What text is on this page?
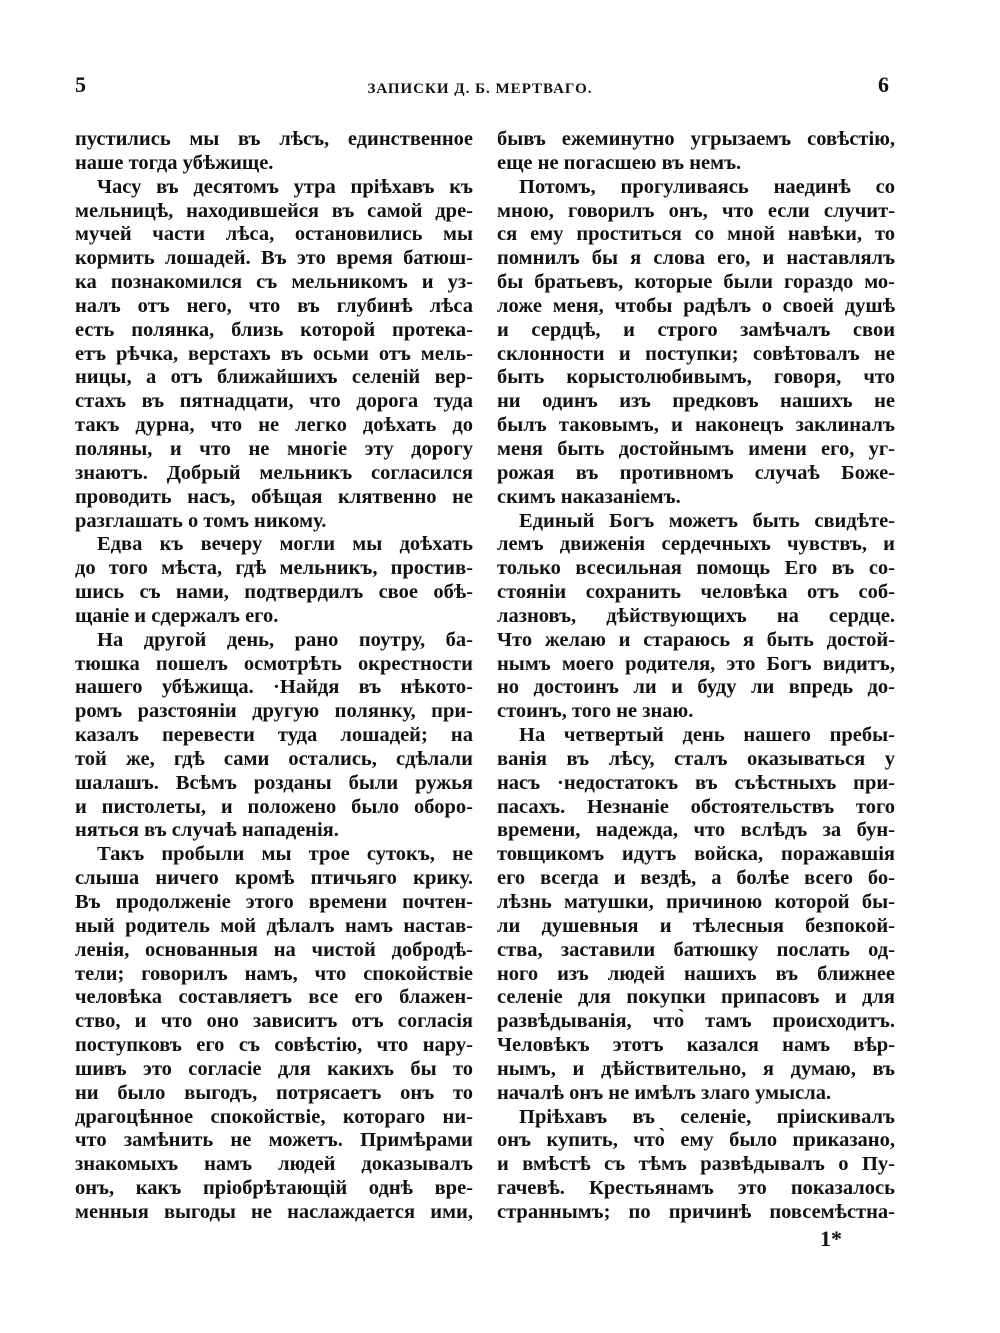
5	ЗАПИСКИ Д. Б. МЕРТВАГО.	6
пустились мы въ лѣсъ, единственное
наше тогда убѣжище.
Часу въ десятомъ утра пріѣхавъ къ
мельницѣ, находившейся въ самой дре-
мучей части лѣса, остановились мы
кормить лошадей. Въ это время батюш-
ка познакомился съ мельникомъ и уз-
налъ отъ него, что въ глубинѣ лѣса
есть полянка, близь которой протека-
етъ рѣчка, верстахъ въ осьми отъ мель-
ницы, а отъ ближайшихъ селеній вер-
стахъ въ пятнадцати, что дорога туда
такъ дурна, что не легко доѣхать до
поляны, и что не многіе эту дорогу
знаютъ. Добрый мельникъ согласился
проводить насъ, обѣщая клятвенно не
разглашать о томъ никому.
Едва къ вечеру могли мы доѣхать
до того мѣста, гдѣ мельникъ, простив-
шись съ нами, подтвердилъ свое обѣ-
щаніе и сдержалъ его.
На другой день, рано поутру, ба-
тюшка пошелъ осмотрѣть окрестности
нашего убѣжища. ·Найдя въ нѣкото-
ромъ разстояніи другую полянку, при-
казалъ перевести туда лошадей; на
той же, гдѣ сами остались, сдѣлали
шалашъ. Всѣмъ розданы были ружья
и пистолеты, и положено было оборо-
няться въ случаѣ нападенія.
Такъ пробыли мы трое сутокъ, не
слыша ничего кромѣ птичьяго крику.
Въ продолженіе этого времени почтен-
ный родитель мой дѣлалъ намъ настав-
ленія, основанныя на чистой добродѣ-
тели; говорилъ намъ, что спокойствіе
человѣка составляетъ все его блажен-
ство, и что оно зависитъ отъ согласія
поступковъ его съ совѣстію, что нару-
шивъ это согласіе для какихъ бы то
ни было выгодъ, потрясаетъ онъ то
драгоцѣнное спокойствіе, котораго ни-
что замѣнить не можетъ. Примѣрами
знакомыхъ намъ людей доказывалъ
онъ, какъ пріобрѣтающій однѣ вре-
менныя выгоды не наслаждается ими,
бывъ ежеминутно угрызаемъ совѣстію,
еще не погасшею въ немъ.
Потомъ, прогуливаясь наединѣ со
мною, говорилъ онъ, что если случит-
ся ему проститься со мной навѣки, то
помнилъ бы я слова его, и наставлялъ
бы братьевъ, которые были гораздо мо-
ложе меня, чтобы радѣлъ о своей душѣ
и сердцѣ, и строго замѣчалъ свои
склонности и поступки; совѣтовалъ не
быть корыстолюбивымъ, говоря, что
ни одинъ изъ предковъ нашихъ не
былъ таковымъ, и наконецъ заклиналъ
меня быть достойнымъ имени его, уг-
рожая въ противномъ случаѣ Боже-
скимъ наказаніемъ.
Единый Богъ можетъ быть свидѣте-
лемъ движенія сердечныхъ чувствъ, и
только всесильная помощь Его въ со-
стояніи сохранить человѣка отъ соб-
лазновъ, дѣйствующихъ на сердце.
Что желаю и стараюсь я быть достой-
нымъ моего родителя, это Богъ видитъ,
но достоинъ ли и буду ли впредь до-
стоинъ, того не знаю.
На четвертый день нашего пребы-
ванія въ лѣсу, сталъ оказываться у
насъ ·недостатокъ въ съѣстныхъ при-
пасахъ. Незнаніе обстоятельствъ того
времени, надежда, что вслѣдъ за бун-
товщикомъ идутъ войска, поражавшія
его всегда и вездѣ, а болѣе всего бо-
лѣзнь матушки, причиною которой бы-
ли душевныя и тѣлесныя безпокой-
ства, заставили батюшку послать од-
ного изъ людей нашихъ въ ближнее
селеніе для покупки припасовъ и для
развѣдыванія, что̀ тамъ происходитъ.
Человѣкъ этотъ казался намъ вѣр-
нымъ, и дѣйствительно, я думаю, въ
началѣ онъ не имѣлъ злаго умысла.
Пріѣхавъ въ селеніе, пріискивалъ
онъ купить, что̀ ему было приказано,
и вмѣстѣ съ тѣмъ развѣдывалъ о Пу-
гачевѣ. Крестьянамъ это показалось
страннымъ; по причинѣ повсемѣстна-
1*
